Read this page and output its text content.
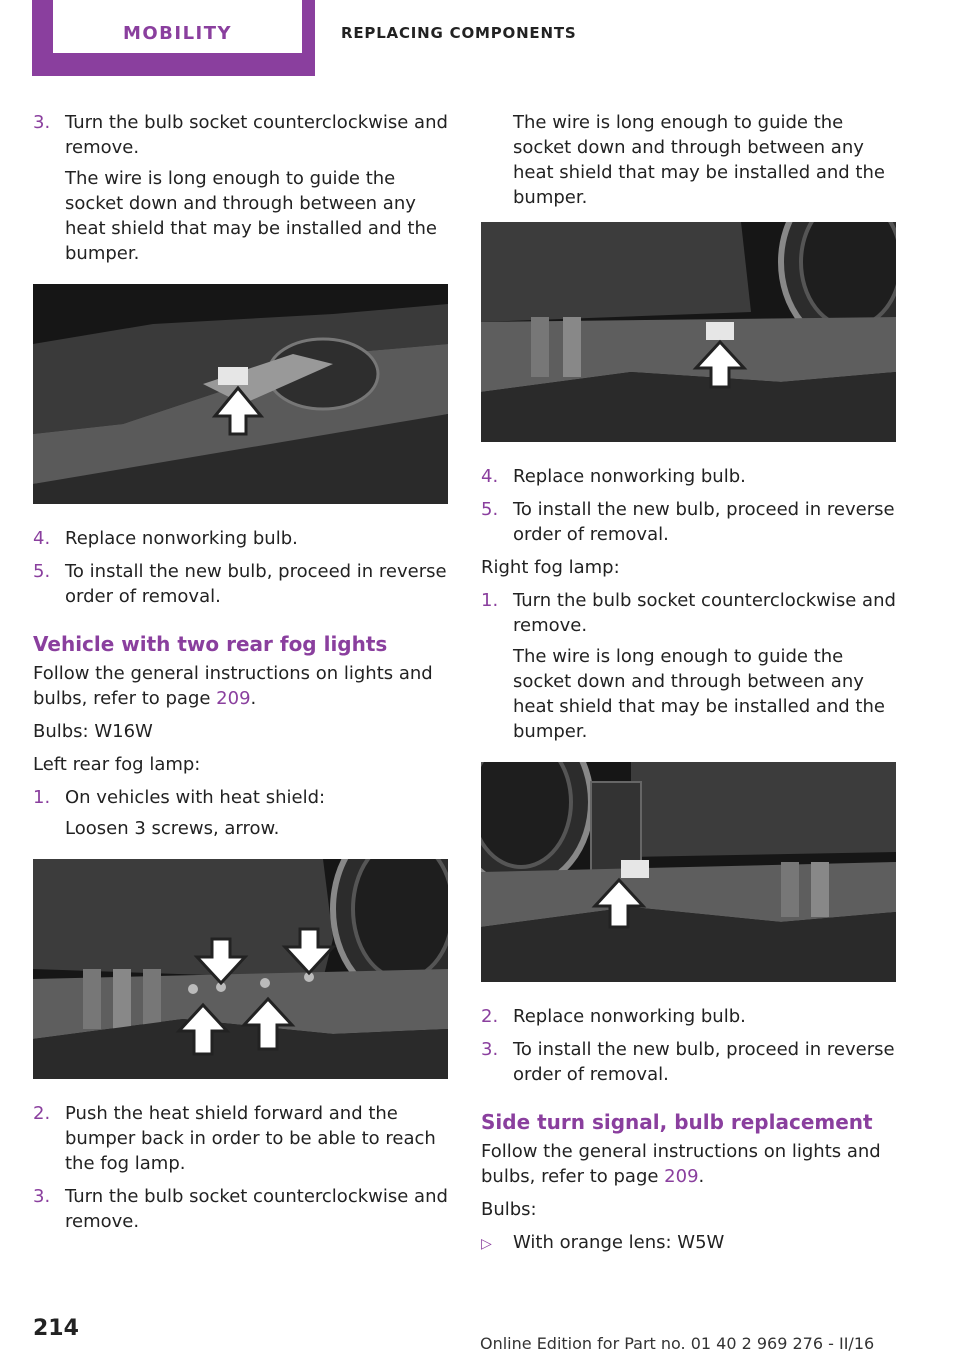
MOBILITY	REPLACING COMPONENTS
3. Turn the bulb socket counterclockwise and remove.

The wire is long enough to guide the socket down and through between any heat shield that may be installed and the bumper.

4. Replace nonworking bulb.

5. To install the new bulb, proceed in reverse order of removal.

Vehicle with two rear fog lights

Follow the general instructions on lights and bulbs, refer to page 209.

Bulbs: W16W

Left rear fog lamp:

1. On vehicles with heat shield:

Loosen 3 screws, arrow.

2. Push the heat shield forward and the bumper back in order to be able to reach the fog lamp.

3. Turn the bulb socket counterclockwise and remove.

The wire is long enough to guide the socket down and through between any heat shield that may be installed and the bumper.

4. Replace nonworking bulb.

5. To install the new bulb, proceed in reverse order of removal.

Right fog lamp:

1. Turn the bulb socket counterclockwise and remove.

The wire is long enough to guide the socket down and through between any heat shield that may be installed and the bumper.

2. Replace nonworking bulb.

3. To install the new bulb, proceed in reverse order of removal.

Side turn signal, bulb replacement

Follow the general instructions on lights and bulbs, refer to page 209.

Bulbs:

▷ With orange lens: W5W

214
Online Edition for Part no. 01 40 2 969 276 - II/16
